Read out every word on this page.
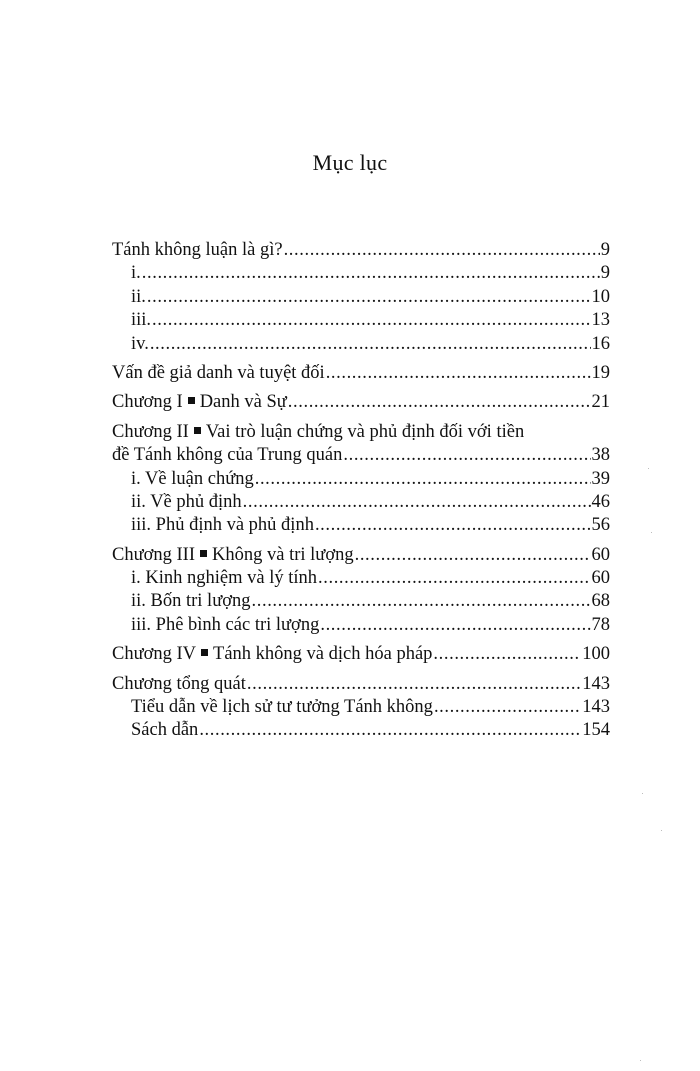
Mục lục
Tánh không luận là gì? .....	9
i. .....	9
ii. .....	10
iii. .....	13
iv. .....	16
Vấn đề giả danh và tuyệt đối .....	19
Chương I Danh và Sự .....	21
Chương II Vai trò luận chứng và phủ định đối với tiền
đề Tánh không của Trung quán .....	38
i. Về luận chứng .....	39
ii. Về phủ định .....	46
iii. Phủ định và phủ định .....	56
Chương III Không và tri lượng .....	60
i. Kinh nghiệm và lý tính .....	60
ii. Bốn tri lượng .....	68
iii. Phê bình các tri lượng .....	78
Chương IV Tánh không và dịch hóa pháp .....	100
Chương tổng quát .....	143
Tiểu dẫn về lịch sử tư tưởng Tánh không .....	143
Sách dẫn .....	154
